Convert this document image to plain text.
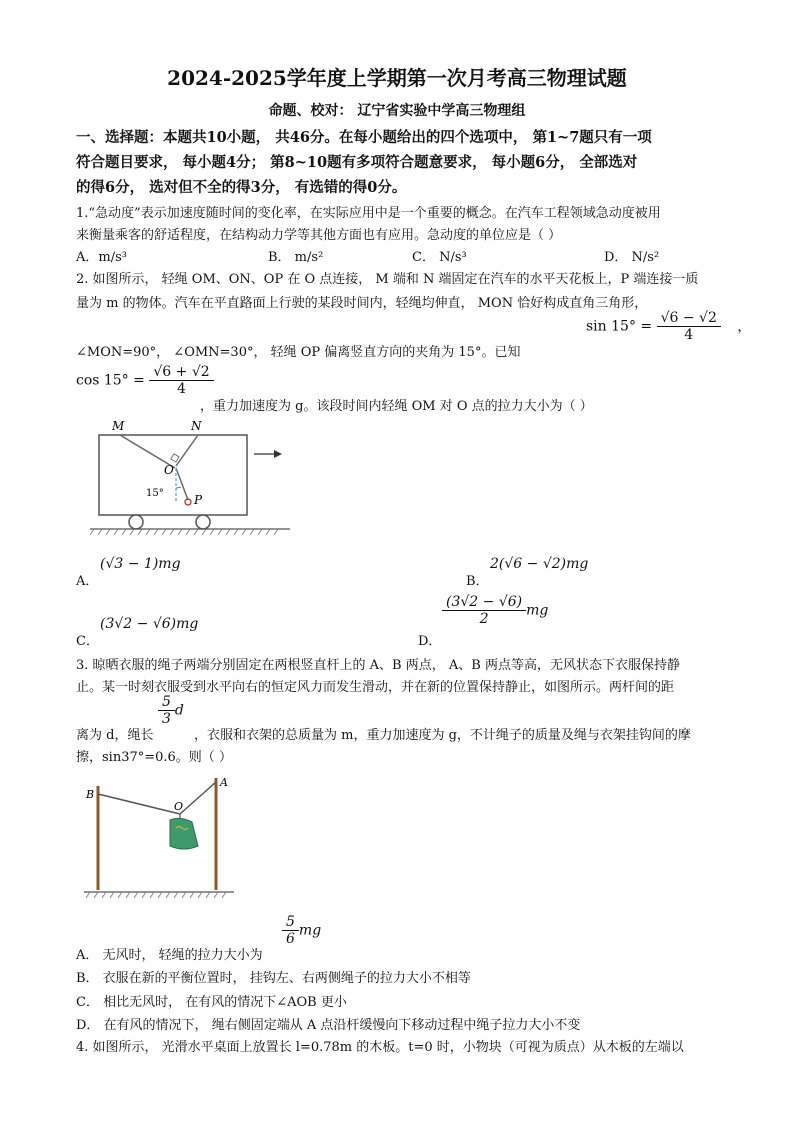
2024-2025学年度上学期第一次月考高三物理试题
命题、校对： 辽宁省实验中学高三物理组
一、选择题：本题共10小题， 共46分。在每小题给出的四个选项中， 第1~7题只有一项
符合题目要求， 每小题4分； 第8~10题有多项符合题意要求， 每小题6分， 全部选对
的得6分， 选对但不全的得3分， 有选错的得0分。
1.“急动度”表示加速度随时间的变化率，在实际应用中是一个重要的概念。在汽车工程领域急动度被用
来衡量乘客的舒适程度，在结构动力学等其他方面也有应用。急动度的单位应是（ ）
A．m/s³	B． m/s²	C． N/s³	D． N/s²
2. 如图所示， 轻绳 OM、ON、OP 在 O 点连接， M 端和 N 端固定在汽车的水平天花板上，P 端连接一质
量为 m 的物体。汽车在平直路面上行驶的某段时间内，轻绳均伸直， MON 恰好构成直角三角形，
$\sin 15^\circ = \frac{√6 - √2}{4}$ ，
∠MON=90°， ∠OMN=30°， 轻绳 OP 偏离竖直方向的夹角为 15°。已知
$\cos 15^\circ = \frac{√6 + √2}{4}$
，重力加速度为 g。该段时间内轻绳 OM 对 O 点的拉力大小为（ ）
M	N
O
P
15°
A．
(√3 − 1)mg
B．
2(√6 − √2)mg
C．
(3√2 − √6)mg
D．
$\frac{(3√2 - √6)}{2}$ mg
3. 晾晒衣服的绳子两端分别固定在两根竖直杆上的 A、B 两点， A、B 两点等高，无风状态下衣服保持静
止。某一时刻衣服受到水平向右的恒定风力而发生滑动，并在新的位置保持静止，如图所示。两杆间的距
离为 d，绳长
$\frac{5}{3}$ d
，衣服和衣架的总质量为 m，重力加速度为 g，不计绳子的质量及绳与衣架挂钩间的摩
擦，sin37°=0.6。则（ ）
B
A
O
A． 无风时， 轻绳的拉力大小为
$\frac{5}{6}$ mg
B． 衣服在新的平衡位置时， 挂钩左、右两侧绳子的拉力大小不相等
C． 相比无风时， 在有风的情况下∠AOB 更小
D． 在有风的情况下， 绳右侧固定端从 A 点沿杆缓慢向下移动过程中绳子拉力大小不变
4. 如图所示， 光滑水平桌面上放置长 l=0.78m 的木板。t=0 时，小物块（可视为质点）从木板的左端以
